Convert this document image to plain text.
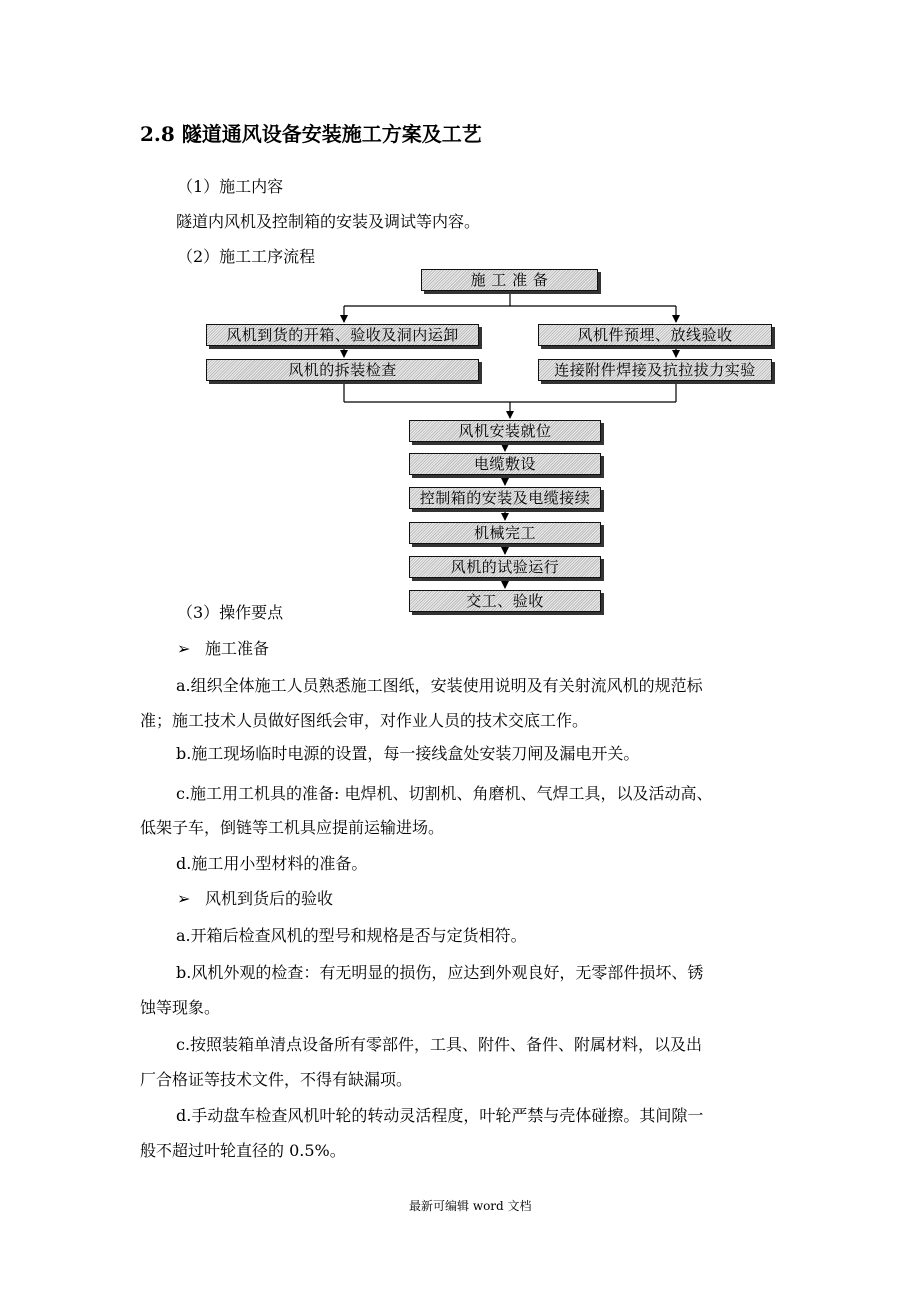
2.8 隧道通风设备安装施工方案及工艺
（1）施工内容
隧道内风机及控制箱的安装及调试等内容。
（2）施工工序流程
施 工 准 备
风机到货的开箱、验收及洞内运卸	风机件预埋、放线验收
风机的拆装检查	连接附件焊接及抗拉拔力实验
风机安装就位
电缆敷设
控制箱的安装及电缆接续
机械完工
风机的试验运行
交工、验收
（3）操作要点
➢ 施工准备
a.组织全体施工人员熟悉施工图纸，安装使用说明及有关射流风机的规范标
准；施工技术人员做好图纸会审，对作业人员的技术交底工作。
b.施工现场临时电源的设置，每一接线盒处安装刀闸及漏电开关。
c.施工用工机具的准备: 电焊机、切割机、角磨机、气焊工具，以及活动高、
低架子车，倒链等工机具应提前运输进场。
d.施工用小型材料的准备。
➢ 风机到货后的验收
a.开箱后检查风机的型号和规格是否与定货相符。
b.风机外观的检查：有无明显的损伤，应达到外观良好，无零部件损坏、锈
蚀等现象。
c.按照装箱单清点设备所有零部件，工具、附件、备件、附属材料，以及出
厂合格证等技术文件，不得有缺漏项。
d.手动盘车检查风机叶轮的转动灵活程度，叶轮严禁与壳体碰擦。其间隙一
般不超过叶轮直径的 0.5%。
最新可编辑 word 文档
